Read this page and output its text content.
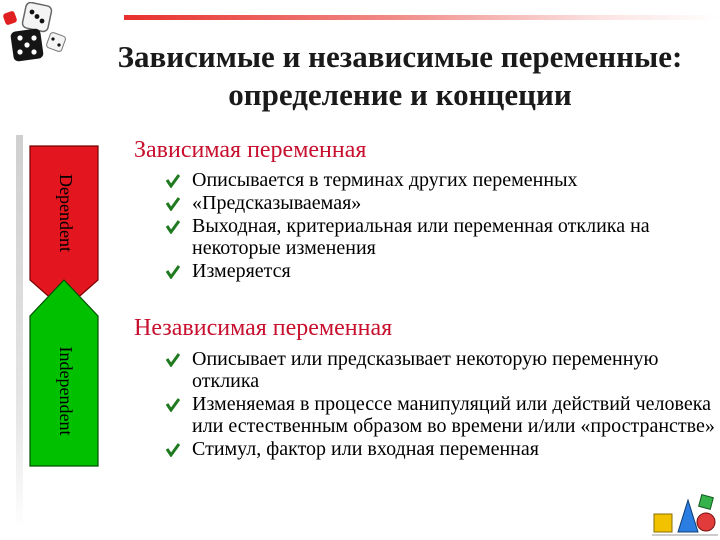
Зависимые и независимые переменные:
определение и концеции
Dependent
Independent
Зависимая переменная
Описывается в терминах других переменных
«Предсказываемая»
Выходная, критериальная или переменная отклика на некоторые изменения
Измеряется
Независимая переменная
Описывает или предсказывает некоторую переменную отклика
Изменяемая в процессе манипуляций или действий человека или естественным образом во времени и/или «пространстве»
Стимул, фактор или входная переменная
